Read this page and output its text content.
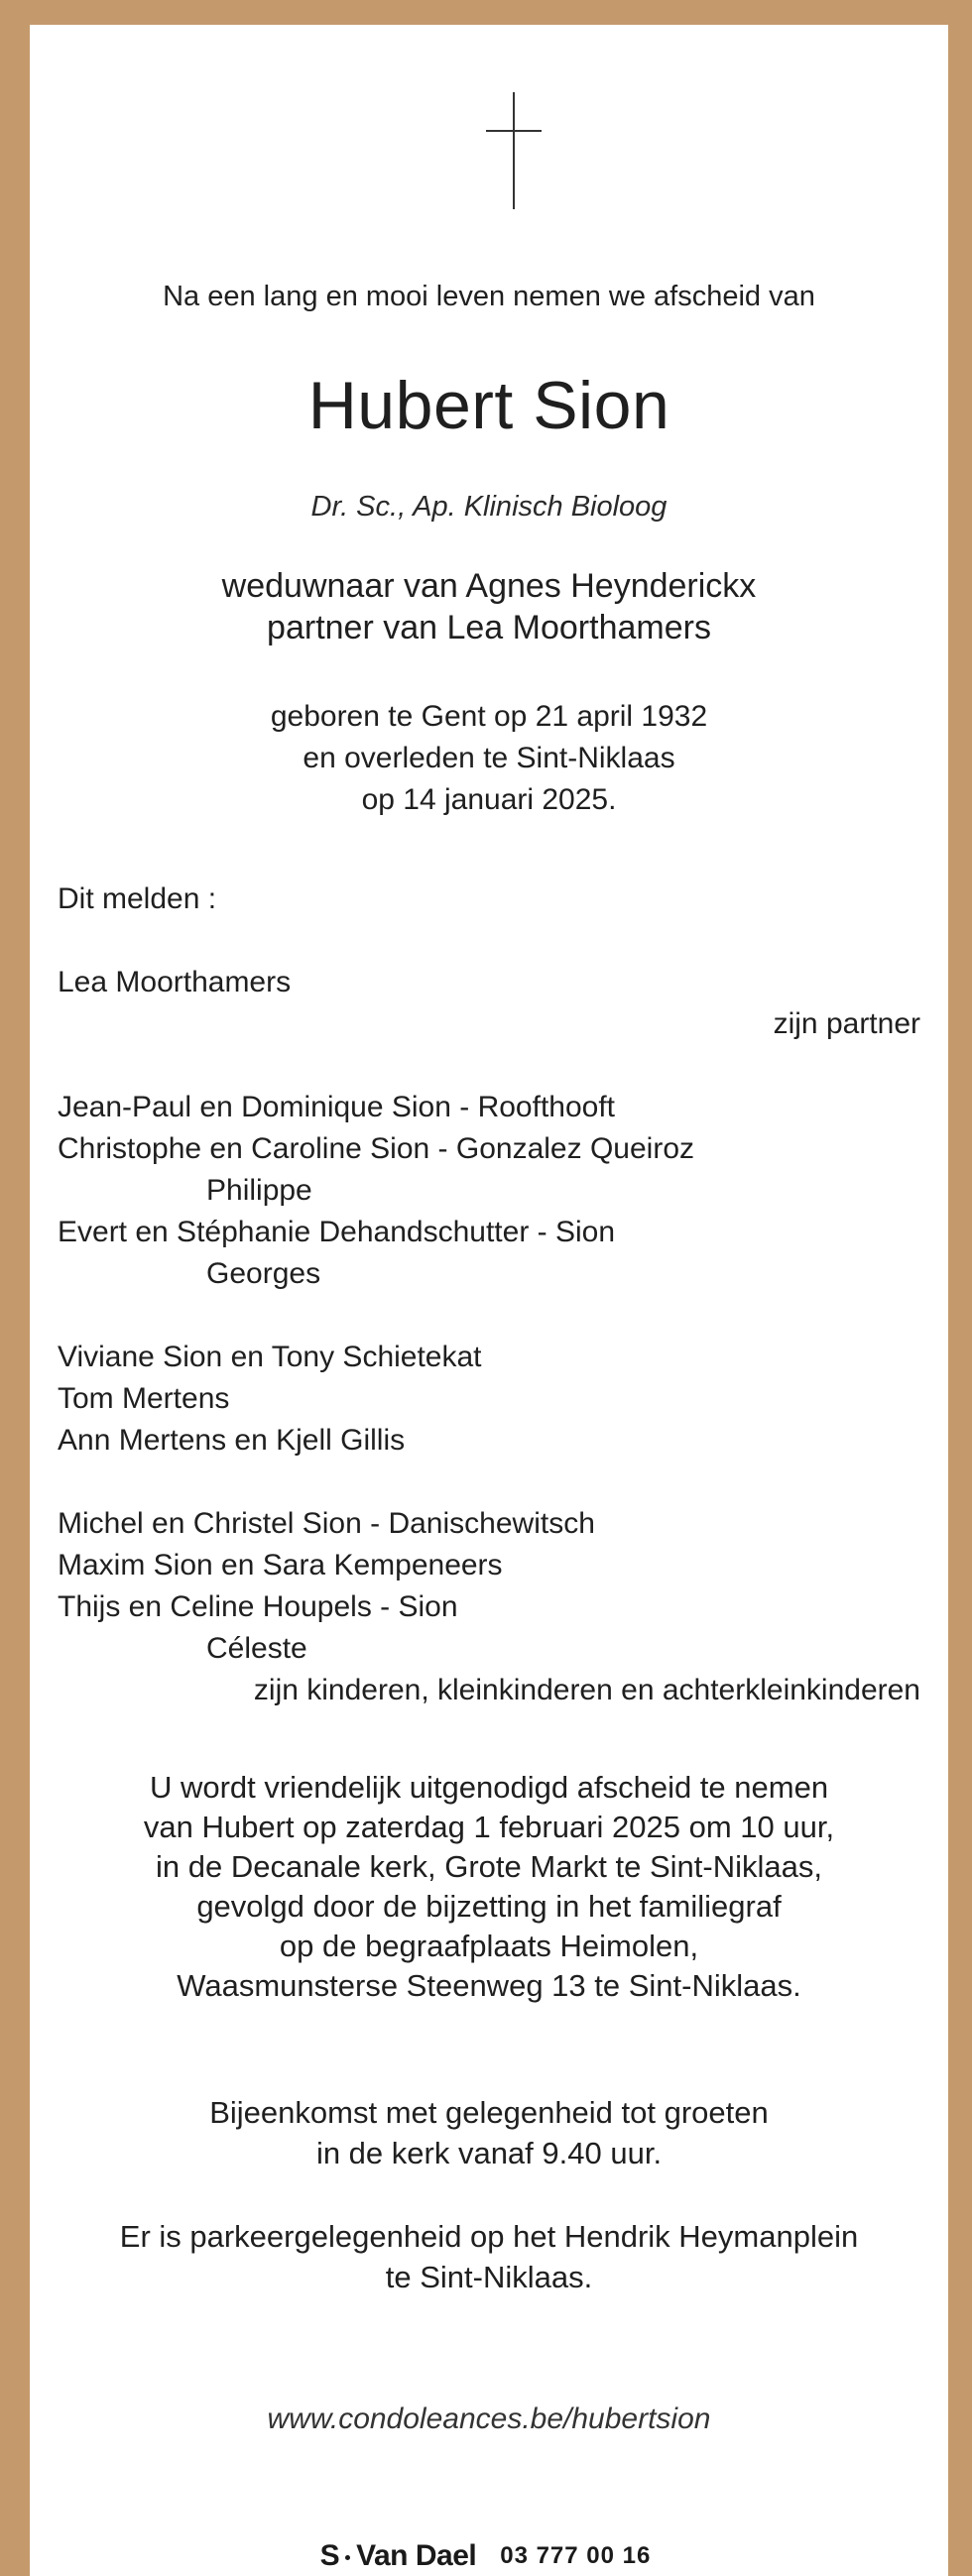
Na een lang en mooi leven nemen we afscheid van
Hubert Sion
Dr. Sc., Ap. Klinisch Bioloog
weduwnaar van Agnes Heynderickx
partner van Lea Moorthamers
geboren te Gent op 21 april 1932
en overleden te Sint-Niklaas
op 14 januari 2025.
Dit melden :
Lea Moorthamers
zijn partner
Jean-Paul en Dominique Sion - Roofthooft
Christophe en Caroline Sion - Gonzalez Queiroz
Philippe
Evert en Stéphanie Dehandschutter - Sion
Georges
Viviane Sion en Tony Schietekat
Tom Mertens
Ann Mertens en Kjell Gillis
Michel en Christel Sion - Danischewitsch
Maxim Sion en Sara Kempeneers
Thijs en Celine Houpels - Sion
Céleste
zijn kinderen, kleinkinderen en achterkleinkinderen
U wordt vriendelijk uitgenodigd afscheid te nemen
van Hubert op zaterdag 1 februari 2025 om 10 uur,
in de Decanale kerk, Grote Markt te Sint-Niklaas,
gevolgd door de bijzetting in het familiegraf
op de begraafplaats Heimolen,
Waasmunsterse Steenweg 13 te Sint-Niklaas.
Bijeenkomst met gelegenheid tot groeten
in de kerk vanaf 9.40 uur.
Er is parkeergelegenheid op het Hendrik Heymanplein
te Sint-Niklaas.
www.condoleances.be/hubertsion
S Van Dael 03 777 00 16
